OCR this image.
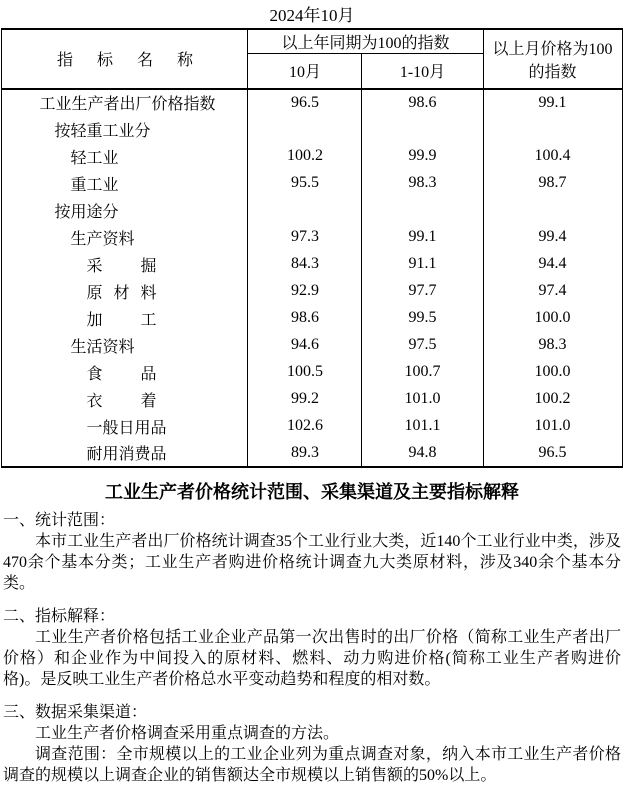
2024年10月
指标名称	以上年同期为100的指数		以上月价格为100
的指数
	10月	1-10月	
工业生产者出厂价格指数	96.5	98.6	99.1
按轻重工业分			
轻工业	100.2	99.9	100.4
重工业	95.5	98.3	98.7
按用途分			
生产资料	97.3	99.1	99.4
采掘	84.3	91.1	94.4
原材料	92.9	97.7	97.4
加工	98.6	99.5	100.0
生活资料	94.6	97.5	98.3
食品	100.5	100.7	100.0
衣着	99.2	101.0	100.2
一般日用品	102.6	101.1	101.0
耐用消费品	89.3	94.8	96.5
工业生产者价格统计范围、采集渠道及主要指标解释
一、统计范围：

本市工业生产者出厂价格统计调查35个工业行业大类，近140个工业行业中类，涉及470余个基本分类；工业生产者购进价格统计调查九大类原材料，涉及340余个基本分类。

二、指标解释：

工业生产者价格包括工业企业产品第一次出售时的出厂价格（简称工业生产者出厂价格）和企业作为中间投入的原材料、燃料、动力购进价格(简称工业生产者购进价格)。是反映工业生产者价格总水平变动趋势和程度的相对数。

三、数据采集渠道：

工业生产者价格调查采用重点调查的方法。

调查范围：全市规模以上的工业企业列为重点调查对象，纳入本市工业生产者价格调查的规模以上调查企业的销售额达全市规模以上销售额的50%以上。
